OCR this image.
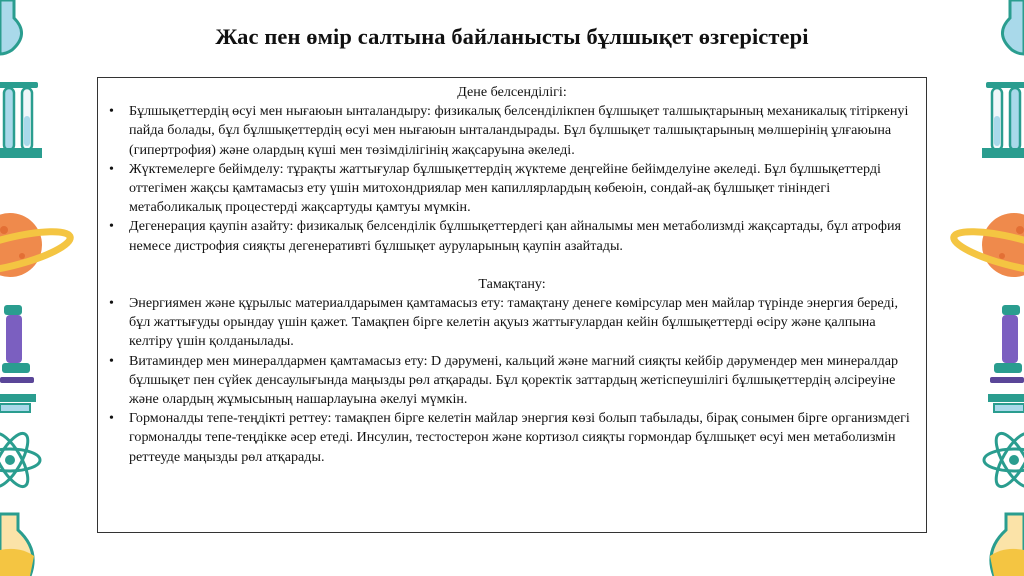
Жас пен өмір салтына байланысты бұлшықет өзгерістері
Дене белсенділігі:
• Бұлшықеттердің өсуі мен нығаюын ынталандыру: физикалық белсенділікпен бұлшықет талшықтарының механикалық тітіркенуі пайда болады, бұл бұлшықеттердің өсуі мен нығаюын ынталандырады. Бұл бұлшықет талшықтарының мөлшерінің ұлғаюына (гипертрофия) және олардың күші мен төзімділігінің жақсаруына әкеледі.
• Жүктемелерге бейімделу: тұрақты жаттығулар бұлшықеттердің жүктеме деңгейіне бейімделуіне әкеледі. Бұл бұлшықеттерді оттегімен жақсы қамтамасыз ету үшін митохондриялар мен капиллярлардың көбеюін, сондай-ақ бұлшықет тініндегі метаболикалық процестерді жақсартуды қамтуы мүмкін.
• Дегенерация қаупін азайту: физикалық белсенділік бұлшықеттердегі қан айналымы мен метаболизмді жақсартады, бұл атрофия немесе дистрофия сияқты дегенеративті бұлшықет ауруларының қаупін азайтады.
Тамақтану:
• Энергиямен және құрылыс материалдарымен қамтамасыз ету: тамақтану денеге көмірсулар мен майлар түрінде энергия береді, бұл жаттығуды орындау үшін қажет. Тамақпен бірге келетін ақуыз жаттығулардан кейін бұлшықеттерді өсіру және қалпына келтіру үшін қолданылады.
• Витаминдер мен минералдармен қамтамасыз ету: D дәрумені, кальций және магний сияқты кейбір дәрумендер мен минералдар бұлшықет пен сүйек денсаулығында маңызды рөл атқарады. Бұл қоректік заттардың жетіспеушілігі бұлшықеттердің әлсіреуіне және олардың жұмысының нашарлауына әкелуі мүмкін.
• Гормоналды тепе-теңдікті реттеу: тамақпен бірге келетін майлар энергия көзі болып табылады, бірақ сонымен бірге организмдегі гормоналды тепе-теңдікке әсер етеді. Инсулин, тестостерон және кортизол сияқты гормондар бұлшықет өсуі мен метаболизмін реттеуде маңызды рөл атқарады.
